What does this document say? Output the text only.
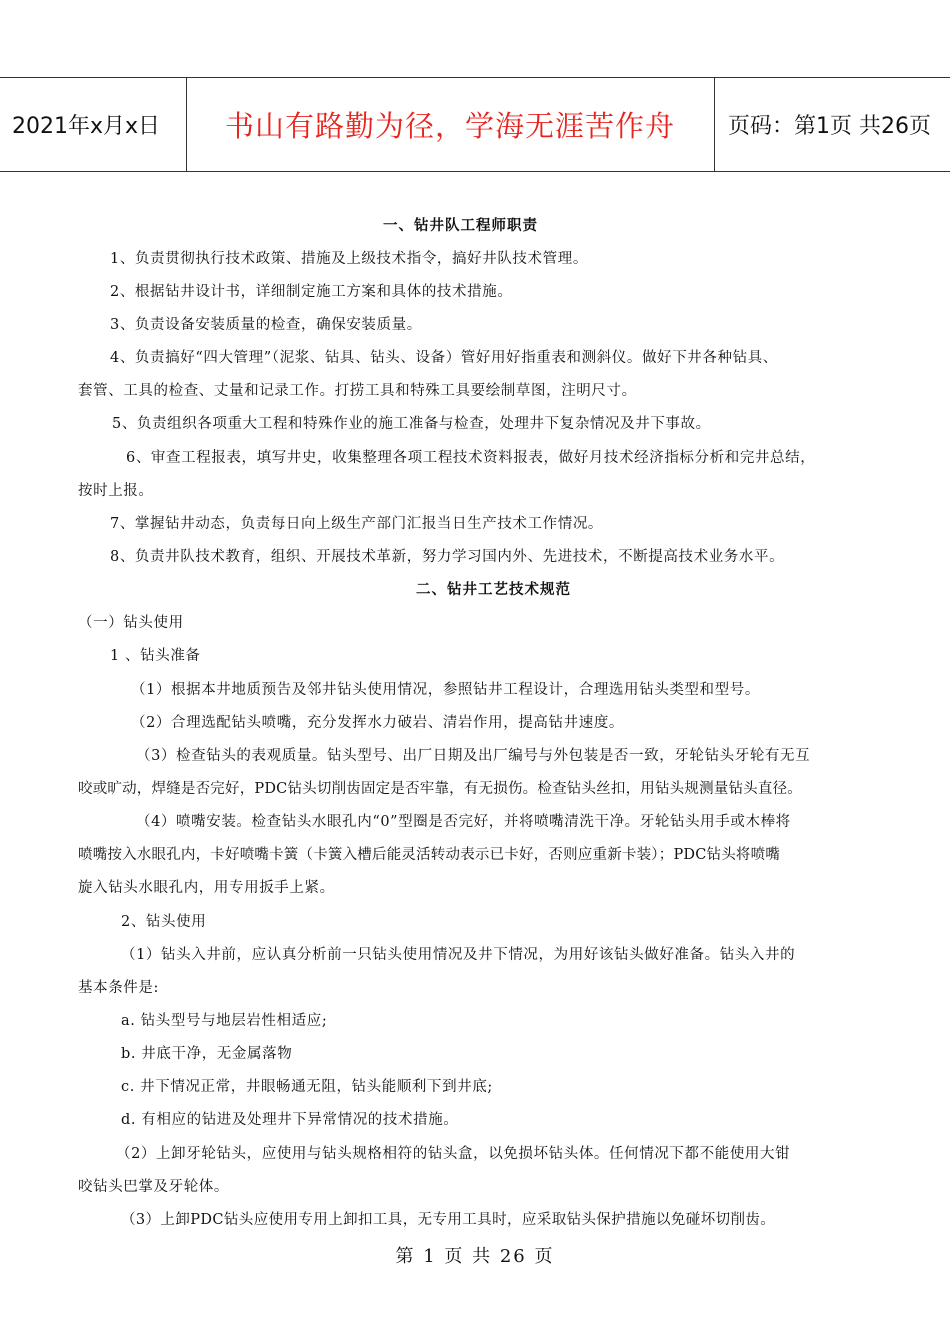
2021年x月x日	书山有路勤为径，学海无涯苦作舟	页码：第1页 共26页
一、钻井队工程师职责
1、负责贯彻执行技术政策、措施及上级技术指令，搞好井队技术管理。
2、根据钻井设计书，详细制定施工方案和具体的技术措施。
3、负责设备安装质量的检查，确保安装质量。
4、负责搞好“四大管理”（泥浆、钻具、钻头、设备）管好用好指重表和测斜仪。做好下井各种钻具、
套管、工具的检查、丈量和记录工作。打捞工具和特殊工具要绘制草图，注明尺寸。
5、负责组织各项重大工程和特殊作业的施工准备与检查，处理井下复杂情况及井下事故。
6、审查工程报表，填写井史，收集整理各项工程技术资料报表，做好月技术经济指标分析和完井总结，
按时上报。
7、掌握钻井动态，负责每日向上级生产部门汇报当日生产技术工作情况。
8、负责井队技术教育，组织、开展技术革新，努力学习国内外、先进技术，不断提高技术业务水平。
二、钻井工艺技术规范
（一）钻头使用
1 、钻头准备
（1）根据本井地质预告及邻井钻头使用情况，参照钻井工程设计，合理选用钻头类型和型号。
（2）合理选配钻头喷嘴，充分发挥水力破岩、清岩作用，提高钻井速度。
（3）检查钻头的表观质量。钻头型号、出厂日期及出厂编号与外包装是否一致，牙轮钻头牙轮有无互
咬或旷动，焊缝是否完好，PDC钻头切削齿固定是否牢靠，有无损伤。检查钻头丝扣，用钻头规测量钻头直径。
（4）喷嘴安装。检查钻头水眼孔内“0”型圈是否完好，并将喷嘴清洗干净。牙轮钻头用手或木棒将
喷嘴按入水眼孔内，卡好喷嘴卡簧（卡簧入槽后能灵活转动表示已卡好，否则应重新卡装）；PDC钻头将喷嘴
旋入钻头水眼孔内，用专用扳手上紧。
2、钻头使用
（1）钻头入井前，应认真分析前一只钻头使用情况及井下情况，为用好该钻头做好准备。钻头入井的
基本条件是:
a. 钻头型号与地层岩性相适应;
b. 井底干净，无金属落物
c. 井下情况正常，井眼畅通无阻，钻头能顺利下到井底;
d. 有相应的钻进及处理井下异常情况的技术措施。
（2）上卸牙轮钻头，应使用与钻头规格相符的钻头盒，以免损坏钻头体。任何情况下都不能使用大钳
咬钻头巴掌及牙轮体。
（3）上卸PDC钻头应使用专用上卸扣工具，无专用工具时，应采取钻头保护措施以免碰坏切削齿。
第 1 页 共 26 页
